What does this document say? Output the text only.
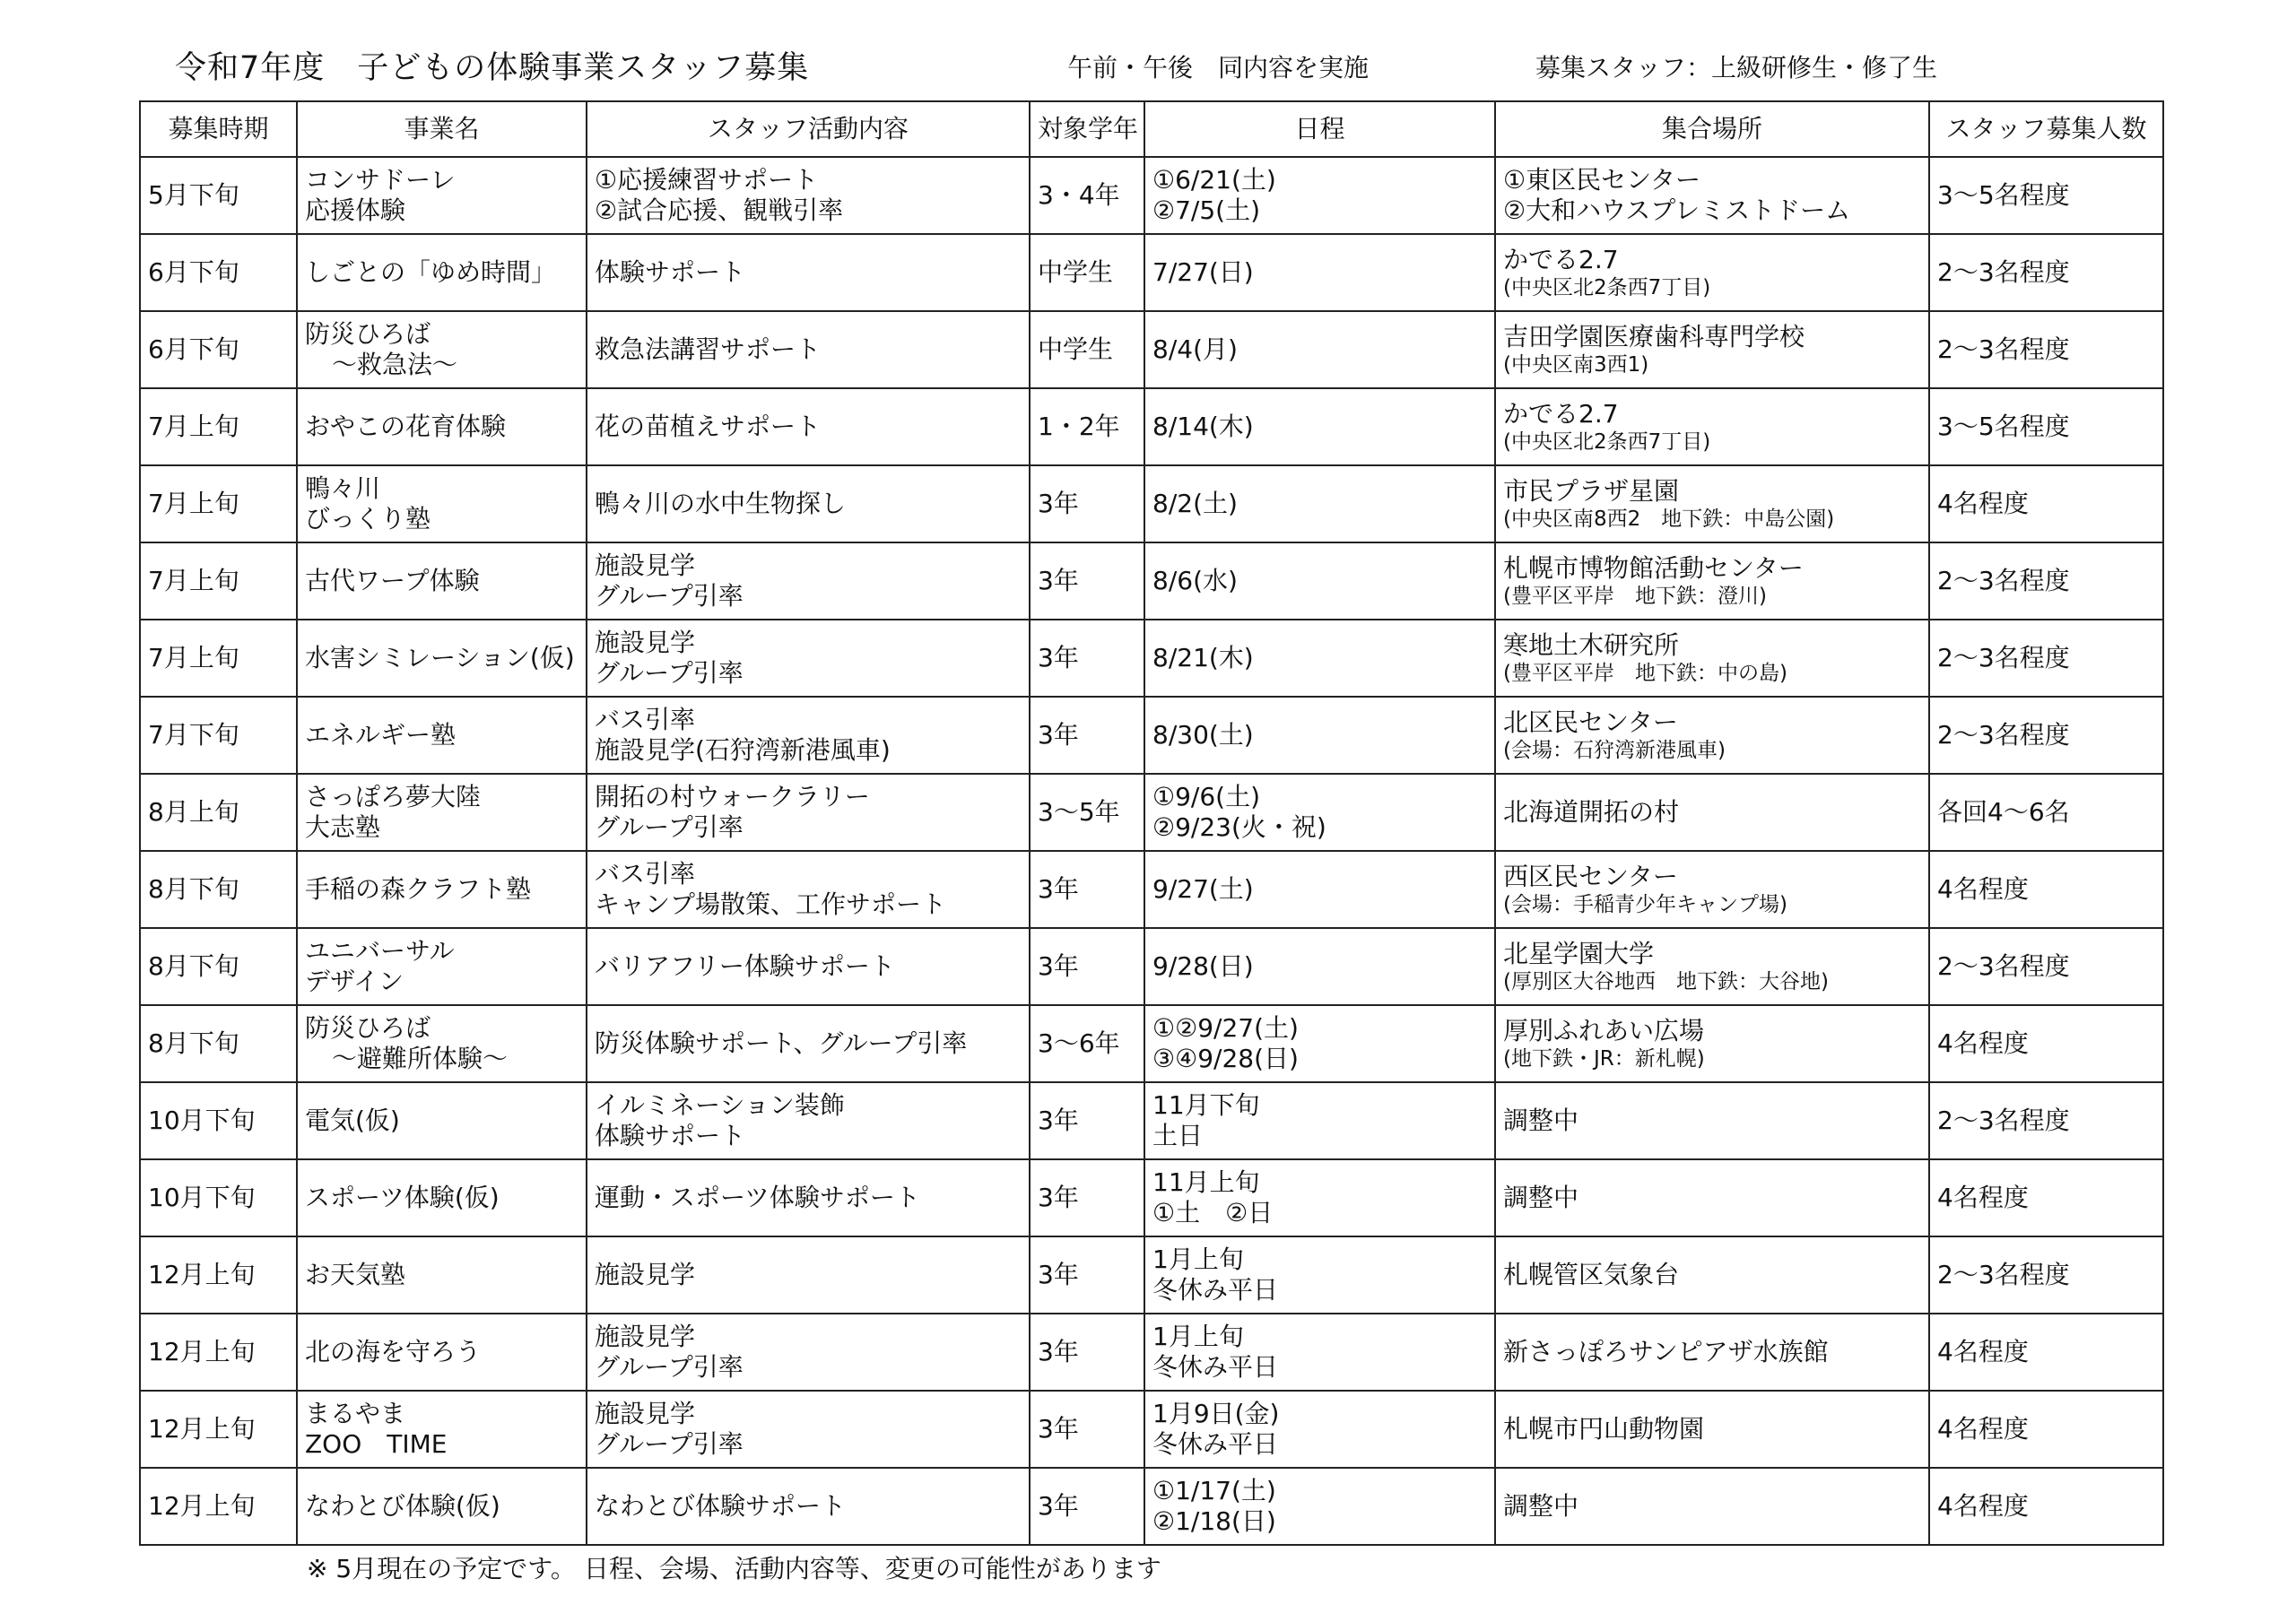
令和7年度　子どもの体験事業スタッフ募集	午前・午後　同内容を実施	募集スタッフ：上級研修生・修了生
募集時期	事業名	スタッフ活動内容	対象学年	日程	集合場所	スタッフ募集人数

5月下旬	コンサドーレ
応援体験	①応援練習サポート
②試合応援、観戦引率	3・4年	①6/21(土)
②7/5(土)	①東区民センター
②大和ハウスプレミストドーム	3～5名程度

6月下旬	しごとの「ゆめ時間」	体験サポート	中学生	7/27(日)	かでる2.7
(中央区北2条西7丁目)	2～3名程度

6月下旬	防災ひろば
～救急法～	救急法講習サポート	中学生	8/4(月)	吉田学園医療歯科専門学校
(中央区南3西1)	2～3名程度

7月上旬	おやこの花育体験	花の苗植えサポート	1・2年	8/14(木)	かでる2.7
(中央区北2条西7丁目)	3～5名程度

7月上旬	鴨々川
びっくり塾	鴨々川の水中生物探し	3年	8/2(土)	市民プラザ星園
(中央区南8西2　地下鉄：中島公園)	4名程度

7月上旬	古代ワープ体験	施設見学
グループ引率	3年	8/6(水)	札幌市博物館活動センター
(豊平区平岸　地下鉄：澄川)	2～3名程度

7月上旬	水害シミレーション(仮)	施設見学
グループ引率	3年	8/21(木)	寒地土木研究所
(豊平区平岸　地下鉄：中の島)	2～3名程度

7月下旬	エネルギー塾	バス引率
施設見学(石狩湾新港風車)	3年	8/30(土)	北区民センター
(会場：石狩湾新港風車)	2～3名程度

8月上旬	さっぽろ夢大陸
大志塾	開拓の村ウォークラリー
グループ引率	3～5年	①9/6(土)
②9/23(火・祝)	北海道開拓の村	各回4～6名

8月下旬	手稲の森クラフト塾	バス引率
キャンプ場散策、工作サポート	3年	9/27(土)	西区民センター
(会場：手稲青少年キャンプ場)	4名程度

8月下旬	ユニバーサル
デザイン	バリアフリー体験サポート	3年	9/28(日)	北星学園大学
(厚別区大谷地西　地下鉄：大谷地)	2～3名程度

8月下旬	防災ひろば
～避難所体験～	防災体験サポート、グループ引率	3～6年	①②9/27(土)
③④9/28(日)	厚別ふれあい広場
(地下鉄・JR：新札幌)	4名程度

10月下旬	電気(仮)	イルミネーション装飾
体験サポート	3年	11月下旬
土日	調整中	2～3名程度

10月下旬	スポーツ体験(仮)	運動・スポーツ体験サポート	3年	11月上旬
①土　②日	調整中	4名程度

12月上旬	お天気塾	施設見学	3年	1月上旬
冬休み平日	札幌管区気象台	2～3名程度

12月上旬	北の海を守ろう	施設見学
グループ引率	3年	1月上旬
冬休み平日	新さっぽろサンピアザ水族館	4名程度

12月上旬	まるやま
ZOO　TIME	施設見学
グループ引率	3年	1月9日(金)
冬休み平日	札幌市円山動物園	4名程度

12月上旬	なわとび体験(仮)	なわとび体験サポート	3年	①1/17(土)
②1/18(日)	調整中	4名程度
※ 5月現在の予定です。 日程、会場、活動内容等、変更の可能性があります
